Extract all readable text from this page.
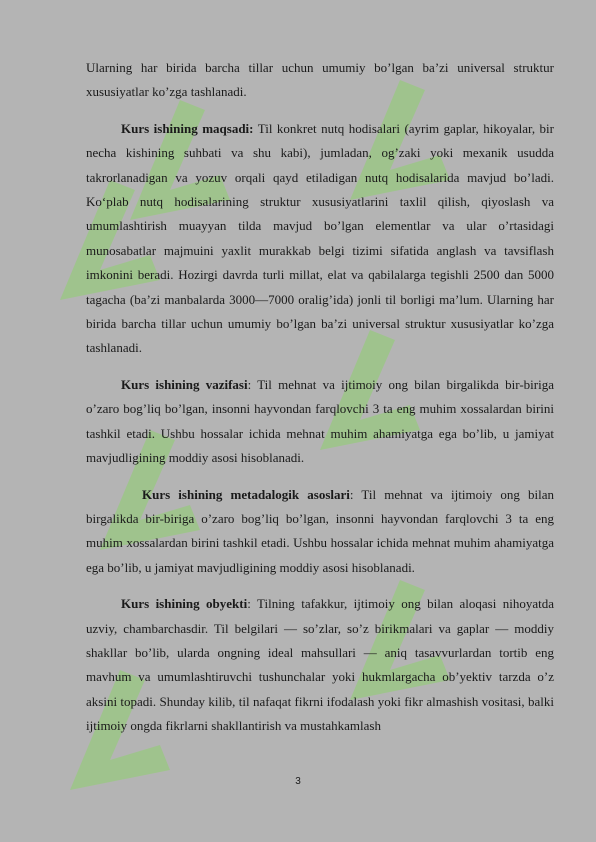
Ularning har birida barcha tillar uchun umumiy bo’lgan ba’zi universal struktur xususiyatlar ko’zga tashlanadi.

Kurs ishining maqsadi: Til konkret nutq hodisalari (ayrim gaplar, hikoyalar, bir necha kishining suhbati va shu kabi), jumladan, og’zaki yoki mexanik usudda takrorlanadigan va yozuv orqali qayd etiladigan nutq hodisalarida mavjud bo’ladi. Ko‘plab nutq hodisalarining struktur xususiyatlarini taxlil qilish, qiyoslash va umumlashtirish muayyan tilda mavjud bo’lgan elementlar va ular o’rtasidagi munosabatlar majmuini yaxlit murakkab belgi tizimi sifatida anglash va tavsiflash imkonini beradi. Hozirgi davrda turli millat, elat va qabilalarga tegishli 2500 dan 5000 tagacha (ba’zi manbalarda 3000—7000 oralig’ida) jonli til borligi ma’lum. Ularning har birida barcha tillar uchun umumiy bo’lgan ba’zi universal struktur xususiyatlar ko’zga tashlanadi.

Kurs ishining vazifasi: Til mehnat va ijtimoiy ong bilan birgalikda bir-biriga o’zaro bog’liq bo’lgan, insonni hayvondan farqlovchi 3 ta eng muhim xossalardan birini tashkil etadi. Ushbu hossalar ichida mehnat muhim ahamiyatga ega bo’lib, u jamiyat mavjudligining moddiy asosi hisoblanadi.

Kurs ishining metadalogik asoslari: Til mehnat va ijtimoiy ong bilan birgalikda bir-biriga o’zaro bog’liq bo’lgan, insonni hayvondan farqlovchi 3 ta eng muhim xossalardan birini tashkil etadi. Ushbu hossalar ichida mehnat muhim ahamiyatga ega bo’lib, u jamiyat mavjudligining moddiy asosi hisoblanadi.

Kurs ishining obyekti: Tilning tafakkur, ijtimoiy ong bilan aloqasi nihoyatda uzviy, chambarchasdir. Til belgilari — so’zlar, so’z birikmalari va gaplar — moddiy shakllar bo’lib, ularda ongning ideal mahsullari — aniq tasavvurlardan tortib eng mavhum va umumlashtiruvchi tushunchalar yoki hukmlargacha ob’yektiv tarzda o’z aksini topadi. Shunday kilib, til nafaqat fikrni ifodalash yoki fikr almashish vositasi, balki ijtimoiy ongda fikrlarni shakllantirish va mustahkamlash

3
